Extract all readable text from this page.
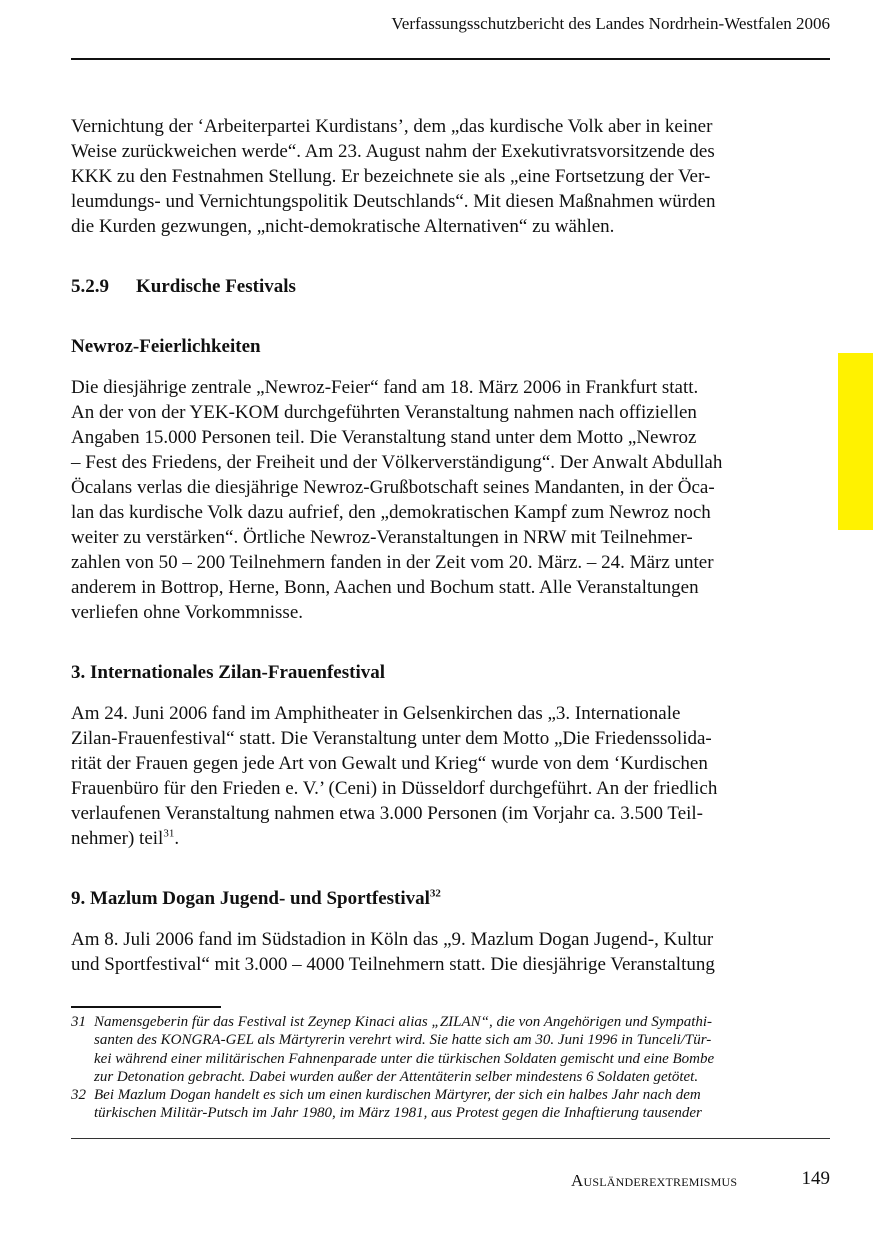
Verfassungsschutzbericht des Landes Nordrhein-Westfalen 2006

Vernichtung der ‘Arbeiterpartei Kurdistans’, dem „das kurdische Volk aber in keiner
Weise zurückweichen werde“. Am 23. August nahm der Exekutivratsvorsitzende des
KKK zu den Festnahmen Stellung. Er bezeichnete sie als „eine Fortsetzung der Ver-
leumdungs- und Vernichtungspolitik Deutschlands“. Mit diesen Maßnahmen würden
die Kurden gezwungen, „nicht-demokratische Alternativen“ zu wählen.

5.2.9 Kurdische Festivals
Newroz-Feierlichkeiten

Die diesjährige zentrale „Newroz-Feier“ fand am 18. März 2006 in Frankfurt statt.
An der von der YEK-KOM durchgeführten Veranstaltung nahmen nach offiziellen
Angaben 15.000 Personen teil. Die Veranstaltung stand unter dem Motto „Newroz
– Fest des Friedens, der Freiheit und der Völkerverständigung“. Der Anwalt Abdullah
Öcalans verlas die diesjährige Newroz-Grußbotschaft seines Mandanten, in der Öca-
lan das kurdische Volk dazu aufrief, den „demokratischen Kampf zum Newroz noch
weiter zu verstärken“. Örtliche Newroz-Veranstaltungen in NRW mit Teilnehmer-
zahlen von 50 – 200 Teilnehmern fanden in der Zeit vom 20. März. – 24. März unter
anderem in Bottrop, Herne, Bonn, Aachen und Bochum statt. Alle Veranstaltungen
verliefen ohne Vorkommnisse.

3. Internationales Zilan-Frauenfestival

Am 24. Juni 2006 fand im Amphitheater in Gelsenkirchen das „3. Internationale
Zilan-Frauenfestival“ statt. Die Veranstaltung unter dem Motto „Die Friedenssolida-
rität der Frauen gegen jede Art von Gewalt und Krieg“ wurde von dem ‘Kurdischen
Frauenbüro für den Frieden e. V.’ (Ceni) in Düsseldorf durchgeführt. An der friedlich
verlaufenen Veranstaltung nahmen etwa 3.000 Personen (im Vorjahr ca. 3.500 Teil-
nehmer) teil$^{31}$.

9. Mazlum Dogan Jugend- und Sportfestival$^{32}$

Am 8. Juli 2006 fand im Südstadion in Köln das „9. Mazlum Dogan Jugend-, Kultur
und Sportfestival“ mit 3.000 – 4000 Teilnehmern statt. Die diesjährige Veranstaltung

31 Namensgeberin für das Festival ist Zeynep Kinaci alias „ZILAN“, die von Angehörigen und Sympathi-
santen des KONGRA-GEL als Märtyrerin verehrt wird. Sie hatte sich am 30. Juni 1996 in Tunceli/Tür-
kei während einer militärischen Fahnenparade unter die türkischen Soldaten gemischt und eine Bombe
zur Detonation gebracht. Dabei wurden außer der Attentäterin selber mindestens 6 Soldaten getötet.
32 Bei Mazlum Dogan handelt es sich um einen kurdischen Märtyrer, der sich ein halbes Jahr nach dem
türkischen Militär-Putsch im Jahr 1980, im März 1981, aus Protest gegen die Inhaftierung tausender
Ausländerextremismus	149
